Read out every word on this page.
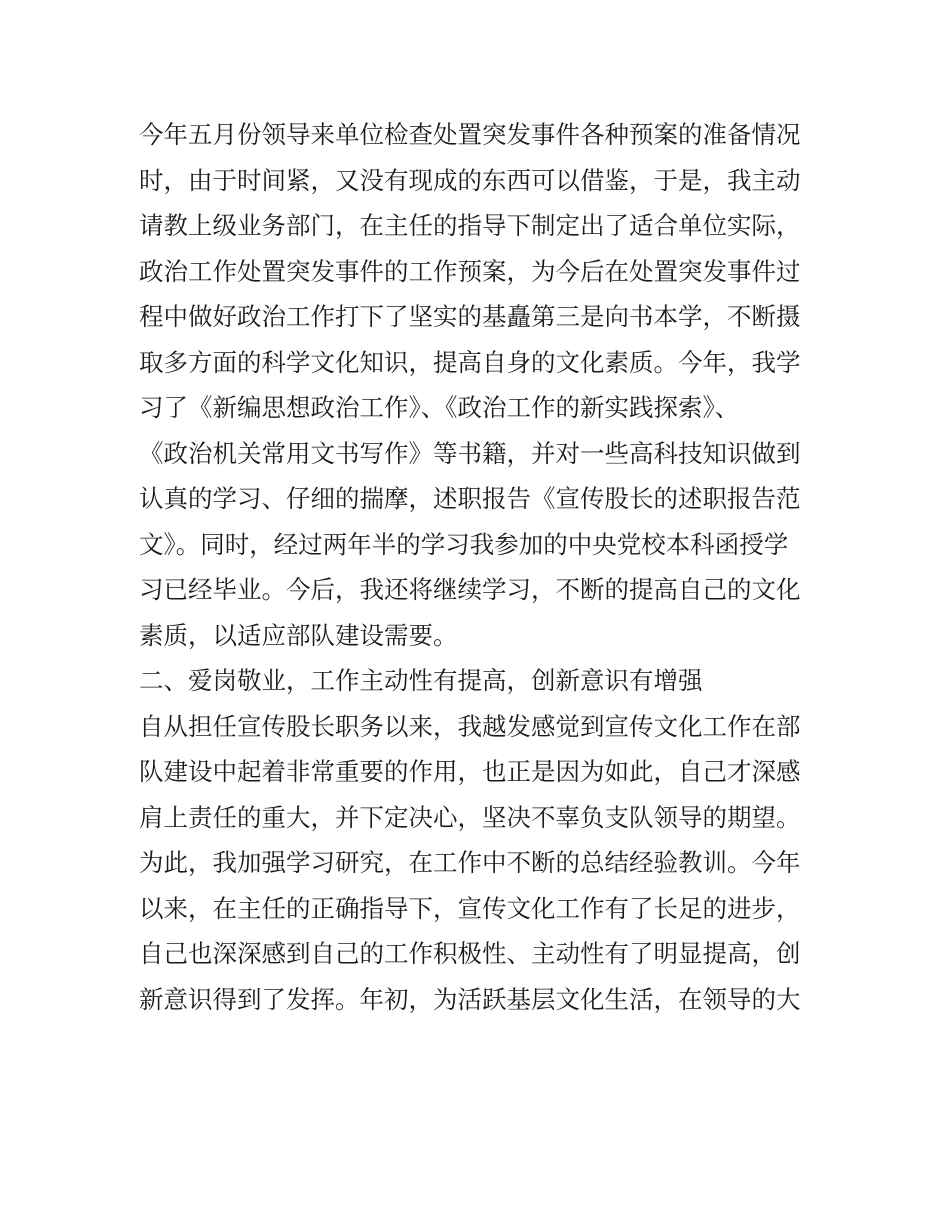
今年五月份领导来单位检查处置突发事件各种预案的准备情况
时，由于时间紧，又没有现成的东西可以借鉴，于是，我主动
请教上级业务部门，在主任的指导下制定出了适合单位实际，
政治工作处置突发事件的工作预案，为今后在处置突发事件过
程中做好政治工作打下了坚实的基矗第三是向书本学，不断摄
取多方面的科学文化知识，提高自身的文化素质。今年，我学
习了《新编思想政治工作》、《政治工作的新实践探索》、
《政治机关常用文书写作》等书籍，并对一些高科技知识做到
认真的学习、仔细的揣摩，述职报告《宣传股长的述职报告范
文》。同时，经过两年半的学习我参加的中央党校本科函授学
习已经毕业。今后，我还将继续学习，不断的提高自己的文化
素质，以适应部队建设需要。
二、爱岗敬业，工作主动性有提高，创新意识有增强
自从担任宣传股长职务以来，我越发感觉到宣传文化工作在部
队建设中起着非常重要的作用，也正是因为如此，自己才深感
肩上责任的重大，并下定决心，坚决不辜负支队领导的期望。
为此，我加强学习研究，在工作中不断的总结经验教训。今年
以来，在主任的正确指导下，宣传文化工作有了长足的进步，
自己也深深感到自己的工作积极性、主动性有了明显提高，创
新意识得到了发挥。年初，为活跃基层文化生活，在领导的大
